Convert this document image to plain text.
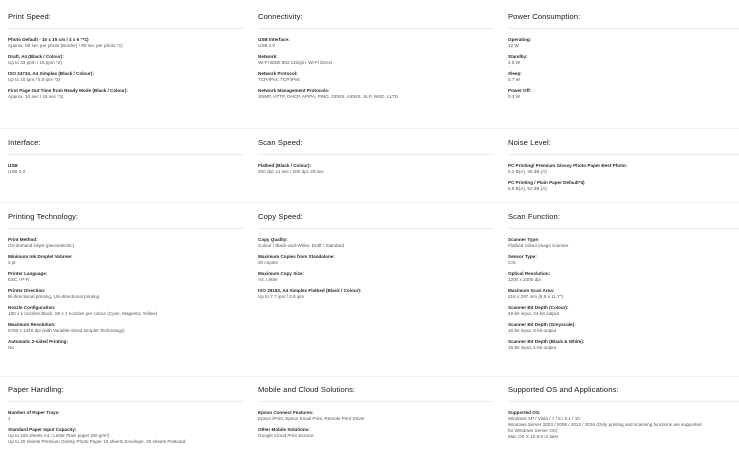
Print Speed:
Photo Default - 10 x 15 cm / 4 x 6 "*1)
Approx. 69 sec per photo (Border) / 90 sec per photo *1)
Draft, A4 (Black / Colour):
Up to 33 ppm / 15 ppm *2)
ISO 24734, A4 Simplex (Black / Colour):
Up to 10 ipm / 5.0 ipm *3)
First Page Out Time from Ready Mode (Black / Colour):
Approx. 10 sec / 16 sec *3)
Connectivity:
USB Interface:
USB 2.0
Network:
Wi-Fi IEEE 802.11b/g/n, Wi-Fi Direct
Network Protocol:
TCP/IPv4, TCP/IPv6
Network Management Protocols:
SNMP, HTTP, DHCP, APIPA, PING, DDNS, mDNS, SLP, WSD, LLTD
Power Consumption:
Operating:
12 W
Standby:
4.5 W
Sleep:
0.7 W
Power Off:
0.3 W
Interface:
USB
USB 2.0
Scan Speed:
Flatbed (Black / Colour):
200 dpi: 11 sec / 200 dpi: 28 sec
Noise Level:
PC Printing/ Premium Glossy Photo Paper Best Photo:
5.2 B(A), 38 dB (A)
PC Printing / Plain Paper Default*4)
6.5 B(A), 52 dB (A)
Printing Technology:
Print Method:
On-demand inkjet (piezoelectric)
Minimum Ink Droplet Volume:
3 pl
Printer Language:
ESC / P-R
Printer Direction:
Bi-directional printing, Uni-directional printing
Nozzle Configuration:
180 x 1 nozzles Black, 59 x 1 nozzles per colour (Cyan, Magenta, Yellow)
Maximum Resolution:
5760 x 1440 dpi (with Variable-Sized Droplet Technology)
Automatic 2-sided Printing:
No
Copy Speed:
Copy Quality:
Colour / Black-and-White, Draft / Standard
Maximum Copies from Standalone:
20 copies
Maximum Copy Size:
A4, Letter
ISO 29183, A4 Simplex Flatbed (Black / Colour):
Up to 7.7 ipm / 3.8 ipm
Scan Function:
Scanner Type:
Flatbed colour image scanner
Sensor Type:
CIS
Optical Resolution:
1200 x 2400 dpi
Maximum Scan Area:
216 x 297 mm (8.5 x 11.7")
Scanner Bit Depth (Colour):
48-bit input, 24-bit output
Scanner Bit Depth (Greyscale):
16-bit input, 8-bit output
Scanner Bit Depth (Black & White):
16-bit input, 1-bit output
Paper Handling:
Number of Paper Trays:
1
Standard Paper Input Capacity:
Up to 100 sheets A4 / Letter Plain paper (80 g/m²)
Up to 20 sheets Premium Glossy Photo Paper 10 sheets Envelope, 30 sheets Postcard
Mobile and Cloud Solutions:
Epson Connect Features:
Epson iPrint, Epson Email Print, Remote Print Driver
Other Mobile Solutions:
Google Cloud Print Service
Supported OS and Applications:
Supported OS:
Windows XP / Vista / 7 / 8 / 8.1 / 10
Windows Server 2003 / 2008 / 2012 / 2016 (Only printing and scanning functions are supported
for Windows Server OS)
Mac OS X 10.6.8 or later
